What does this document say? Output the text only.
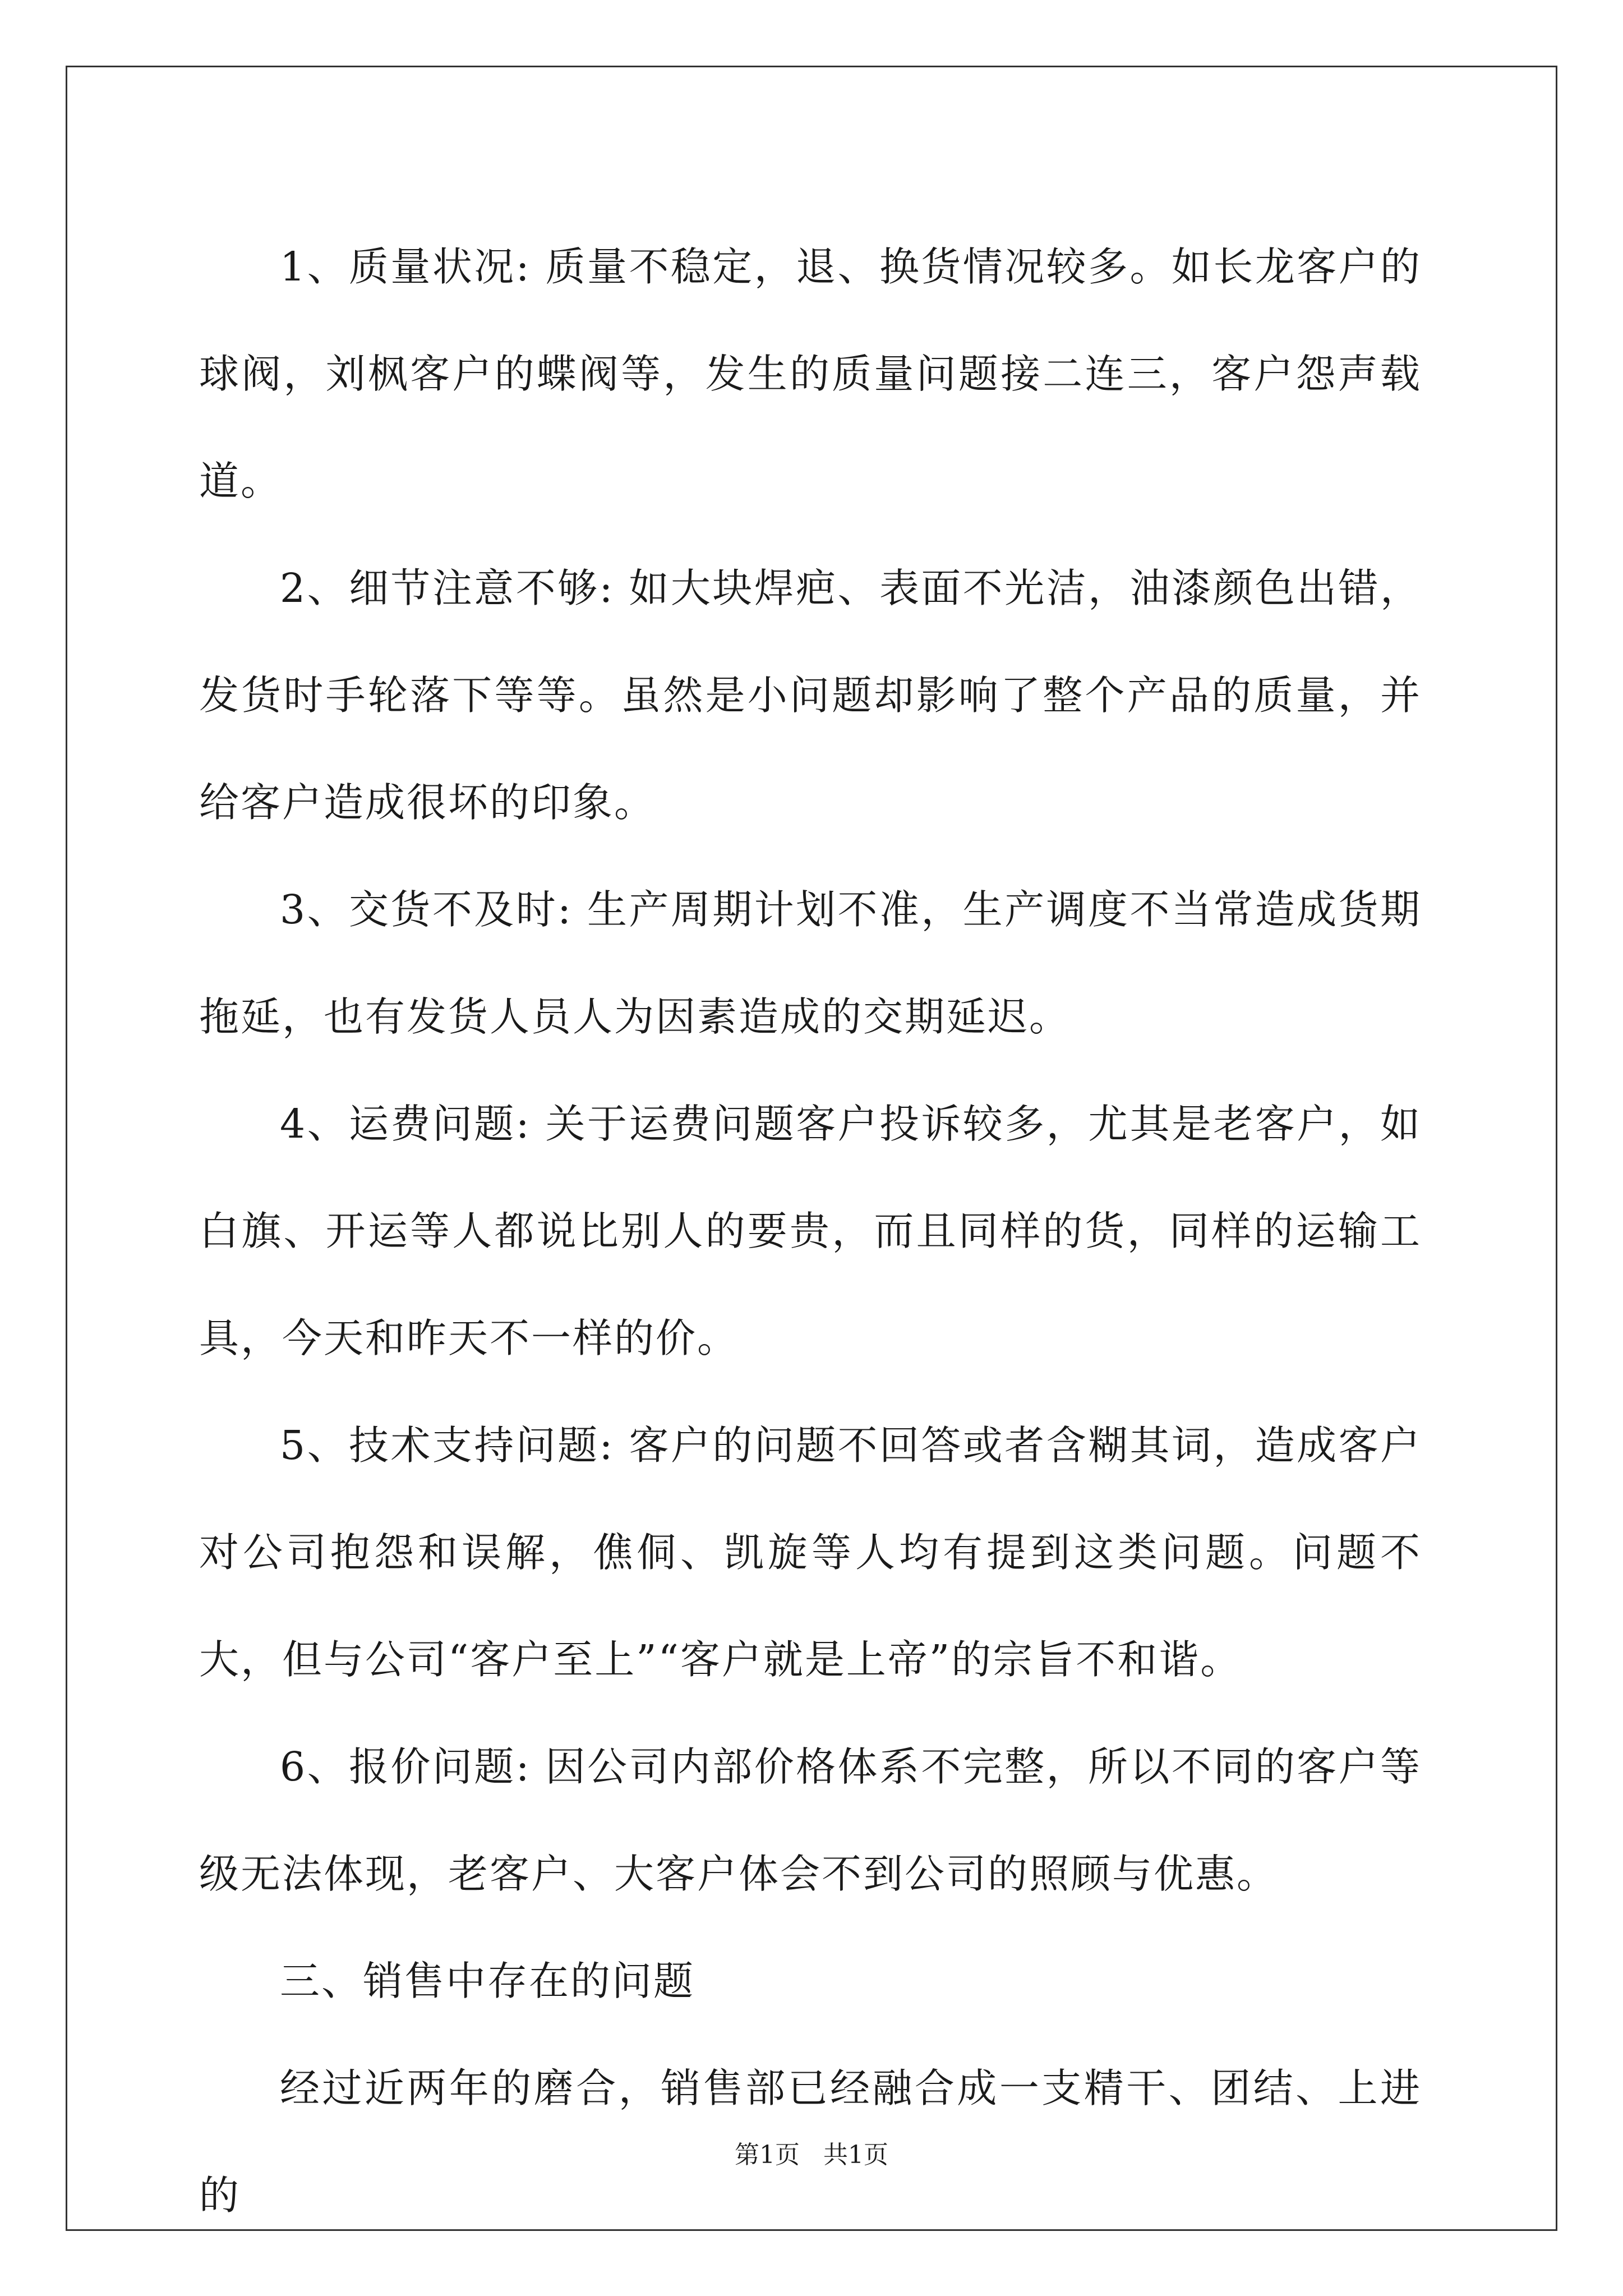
1、质量状况: 质量不稳定，退、换货情况较多。如长龙客户的球阀，刘枫客户的蝶阀等，发生的质量问题接二连三，客户怨声载道。

2、细节注意不够: 如大块焊疤、表面不光洁，油漆颜色出错，发货时手轮落下等等。虽然是小问题却影响了整个产品的质量，并给客户造成很坏的印象。

3、交货不及时: 生产周期计划不准，生产调度不当常造成货期拖延，也有发货人员人为因素造成的交期延迟。

4、运费问题: 关于运费问题客户投诉较多，尤其是老客户，如白旗、开运等人都说比别人的要贵，而且同样的货，同样的运输工具，今天和昨天不一样的价。

5、技术支持问题: 客户的问题不回答或者含糊其词，造成客户对公司抱怨和误解，僬侗、凯旋等人均有提到这类问题。问题不大，但与公司“客户至上”“客户就是上帝”的宗旨不和谐。

6、报价问题: 因公司内部价格体系不完整，所以不同的客户等级无法体现，老客户、大客户体会不到公司的照顾与优惠。

三、销售中存在的问题

经过近两年的磨合，销售部已经融合成一支精干、团结、上进的

第1页   共1页
